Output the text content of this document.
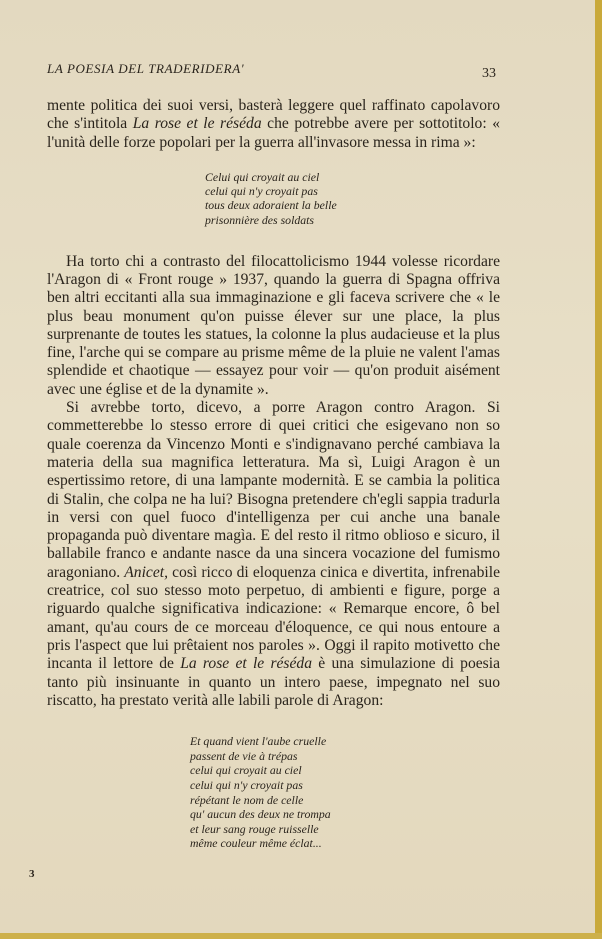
LA POESIA DEL TRADERIDERA'	33

mente politica dei suoi versi, basterà leggere quel raffinato capolavoro che s'intitola La rose et le réséda che potrebbe avere per sottotitolo: « l'unità delle forze popolari per la guerra all'invasore messa in rima »:

Celui qui croyait au ciel
celui qui n'y croyait pas
tous deux adoraient la belle
prisonnière des soldats

Ha torto chi a contrasto del filocattolicismo 1944 volesse ricordare l'Aragon di « Front rouge » 1937, quando la guerra di Spagna offriva ben altri eccitanti alla sua immaginazione e gli faceva scrivere che « le plus beau monument qu'on puisse élever sur une place, la plus surprenante de toutes les statues, la colonne la plus audacieuse et la plus fine, l'arche qui se compare au prisme même de la pluie ne valent l'amas splendide et chaotique — essayez pour voir — qu'on produit aisément avec une église et de la dynamite ».

Si avrebbe torto, dicevo, a porre Aragon contro Aragon. Si commetterebbe lo stesso errore di quei critici che esigevano non so quale coerenza da Vincenzo Monti e s'indignavano perché cambiava la materia della sua magnifica letteratura. Ma sì, Luigi Aragon è un espertissimo retore, di una lampante modernità. E se cambia la politica di Stalin, che colpa ne ha lui? Bisogna pretendere ch'egli sappia tradurla in versi con quel fuoco d'intelligenza per cui anche una banale propaganda può diventare magìa. E del resto il ritmo oblioso e sicuro, il ballabile franco e andante nasce da una sincera vocazione del fumismo aragoniano. Anicet, così ricco di eloquenza cinica e divertita, infrenabile creatrice, col suo stesso moto perpetuo, di ambienti e figure, porge a riguardo qualche significativa indicazione: « Remarque encore, ô bel amant, qu'au cours de ce morceau d'éloquence, ce qui nous entoure a pris l'aspect que lui prêtaient nos paroles ». Oggi il rapito motivetto che incanta il lettore de La rose et le réséda è una simulazione di poesia tanto più insinuante in quanto un intero paese, impegnato nel suo riscatto, ha prestato verità alle labili parole di Aragon:

Et quand vient l'aube cruelle
passent de vie à trépas
celui qui croyait au ciel
celui qui n'y croyait pas
répétant le nom de celle
qu' aucun des deux ne trompa
et leur sang rouge ruisselle
même couleur même éclat...
3
